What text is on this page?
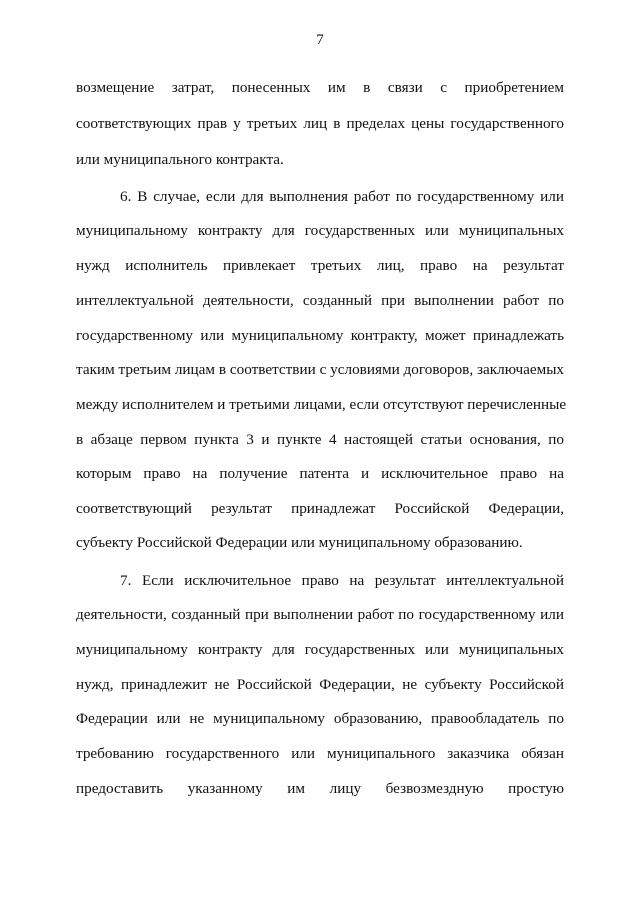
7
возмещение затрат, понесенных им в связи с приобретением
соответствующих прав у третьих лиц в пределах цены государственного
или муниципального контракта.
6. В случае, если для выполнения работ по государственному или
муниципальному контракту для государственных или муниципальных
нужд исполнитель привлекает третьих лиц, право на результат
интеллектуальной деятельности, созданный при выполнении работ по
государственному или муниципальному контракту, может принадлежать
таким третьим лицам в соответствии с условиями договоров, заключаемых
между исполнителем и третьими лицами, если отсутствуют перечисленные
в абзаце первом пункта 3 и пункте 4 настоящей статьи основания, по
которым право на получение патента и исключительное право на
соответствующий результат принадлежат Российской Федерации,
субъекту Российской Федерации или муниципальному образованию.
7. Если исключительное право на результат интеллектуальной
деятельности, созданный при выполнении работ по государственному или
муниципальному контракту для государственных или муниципальных
нужд, принадлежит не Российской Федерации, не субъекту Российской
Федерации или не муниципальному образованию, правообладатель по
требованию государственного или муниципального заказчика обязан
предоставить указанному им лицу безвозмездную простую
